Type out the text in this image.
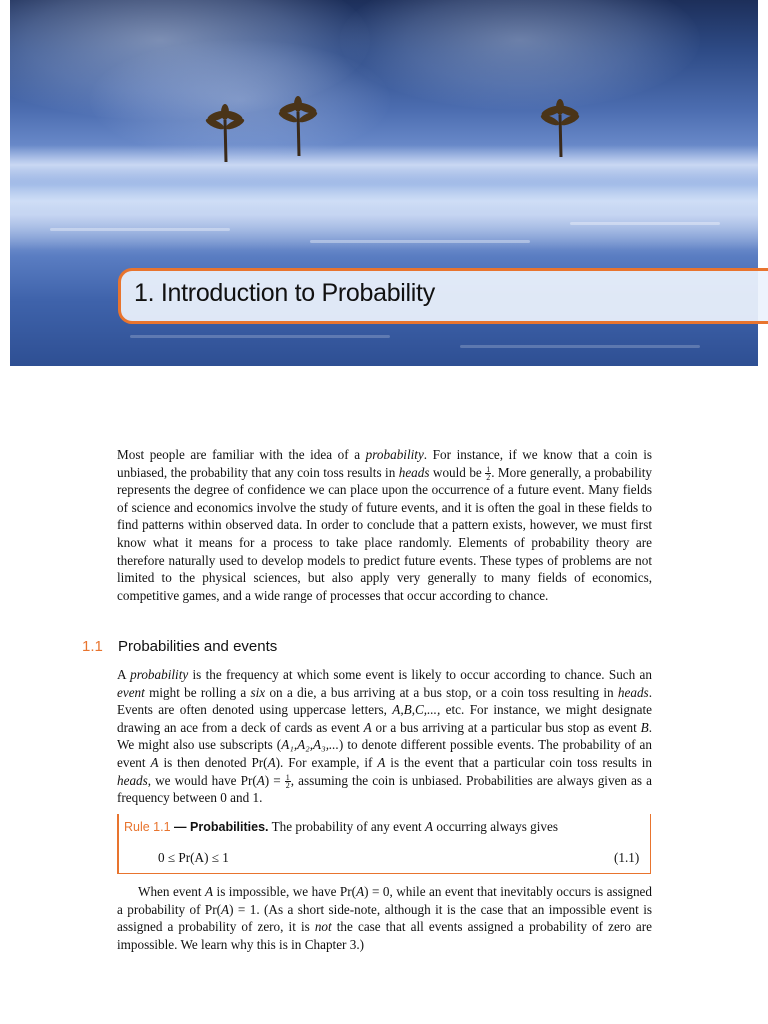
1. Introduction to Probability

Most people are familiar with the idea of a probability. For instance, if we know that a coin is unbiased, the probability that any coin toss results in heads would be $\frac{1}{2}$ . More generally, a probability represents the degree of confidence we can place upon the occurrence of a future event. Many fields of science and economics involve the study of future events, and it is often the goal in these fields to find patterns within observed data. In order to conclude that a pattern exists, however, we must first know what it means for a process to take place randomly. Elements of probability theory are therefore naturally used to develop models to predict future events. These types of problems are not limited to the physical sciences, but also apply very generally to many fields of economics, competitive games, and a wide range of processes that occur according to chance.

1.1 Probabilities and events

A probability is the frequency at which some event is likely to occur according to chance. Such an event might be rolling a six on a die, a bus arriving at a bus stop, or a coin toss resulting in heads. Events are often denoted using uppercase letters, A,B,C,..., etc. For instance, we might designate drawing an ace from a deck of cards as event A or a bus arriving at a particular bus stop as event B. We might also use subscripts (A₁,A₂,A₃,...) to denote different possible events. The probability of an event A is then denoted Pr(A). For example, if A is the event that a particular coin toss results in heads, we would have $Pr(A) = \frac{1}{2}$ , assuming the coin is unbiased. Probabilities are always given as a frequency between 0 and 1.

Rule 1.1 — Probabilities. The probability of any event A occurring always gives
0 ≤ Pr(A) ≤ 1	(1.1)

When event A is impossible, we have Pr(A) = 0, while an event that inevitably occurs is assigned a probability of Pr(A) = 1. (As a short side-note, although it is the case that an impossible event is assigned a probability of zero, it is not the case that all events assigned a probability of zero are impossible. We learn why this is in Chapter 3.)
